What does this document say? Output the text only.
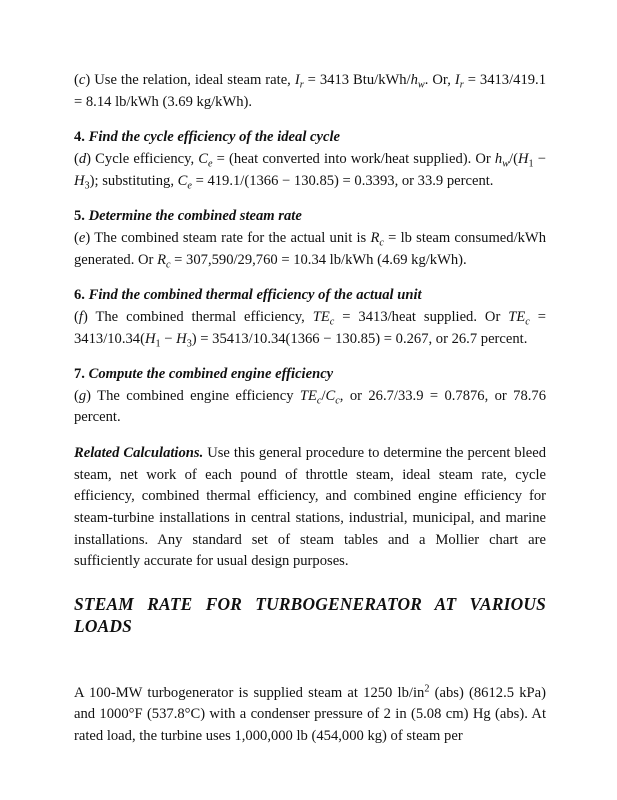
(c) Use the relation, ideal steam rate, $I_r = 3413$ Btu/$kWh/h_w$. Or, $I_r = 3413/419.1 = 8.14$ lb/kWh (3.69 kg/kWh).

4. Find the cycle efficiency of the ideal cycle

(d) Cycle efficiency, $C_e$ = (heat converted into work/heat supplied). Or $h_w/(H_1 - H_3)$; substituting, $C_e = 419.1/(1366 - 130.85) = 0.3393$, or 33.9 percent.

5. Determine the combined steam rate

(e) The combined steam rate for the actual unit is $R_c$ = lb steam consumed/kWh generated. Or $R_c = 307,590/29,760 = 10.34$ lb/kWh (4.69 kg/kWh).

6. Find the combined thermal efficiency of the actual unit

(f) The combined thermal efficiency, $TE_c$ = 3413/heat supplied. Or $TE_c = 3413/10.34(H_1 - H_3) = 35413/10.34(1366 - 130.85) = 0.267$, or 26.7 percent.

7. Compute the combined engine efficiency

(g) The combined engine efficiency $TE_c/C_c$, or 26.7/33.9 = 0.7876, or 78.76 percent.

Related Calculations. Use this general procedure to determine the percent bleed steam, net work of each pound of throttle steam, ideal steam rate, cycle efficiency, combined thermal efficiency, and combined engine efficiency for steam-turbine installations in central stations, industrial, municipal, and marine installations. Any standard set of steam tables and a Mollier chart are sufficiently accurate for usual design purposes.

STEAM RATE FOR TURBOGENERATOR AT VARIOUS LOADS

A 100-MW turbogenerator is supplied steam at 1250 $lb/in^2$ (abs) (8612.5 kPa) and 1000°F (537.8°C) with a condenser pressure of 2 in (5.08 cm) Hg (abs). At rated load, the turbine uses 1,000,000 lb (454,000 kg) of steam per
